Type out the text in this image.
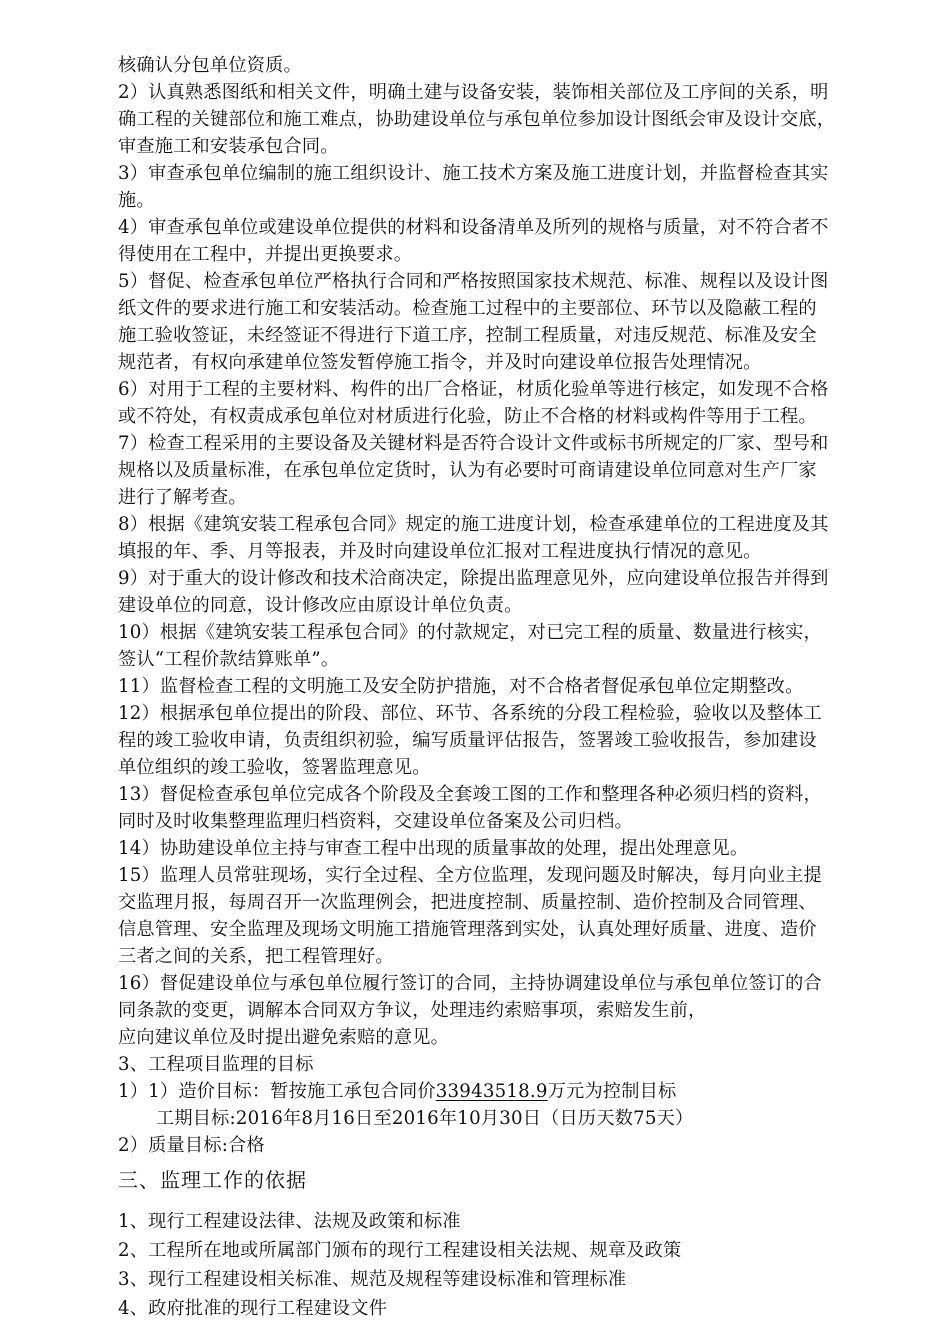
核确认分包单位资质。

2）认真熟悉图纸和相关文件，明确土建与设备安装，装饰相关部位及工序间的关系，明
确工程的关键部位和施工难点，协助建设单位与承包单位参加设计图纸会审及设计交底，
审查施工和安装承包合同。

3）审查承包单位编制的施工组织设计、施工技术方案及施工进度计划，并监督检查其实
施。

4）审查承包单位或建设单位提供的材料和设备清单及所列的规格与质量，对不符合者不
得使用在工程中，并提出更换要求。

5）督促、检查承包单位严格执行合同和严格按照国家技术规范、标准、规程以及设计图
纸文件的要求进行施工和安装活动。检查施工过程中的主要部位、环节以及隐蔽工程的
施工验收签证，未经签证不得进行下道工序，控制工程质量，对违反规范、标准及安全
规范者，有权向承建单位签发暂停施工指令，并及时向建设单位报告处理情况。

6）对用于工程的主要材料、构件的出厂合格证，材质化验单等进行核定，如发现不合格
或不符处，有权责成承包单位对材质进行化验，防止不合格的材料或构件等用于工程。

7）检查工程采用的主要设备及关键材料是否符合设计文件或标书所规定的厂家、型号和
规格以及质量标准，在承包单位定货时，认为有必要时可商请建设单位同意对生产厂家
进行了解考查。

8）根据《建筑安装工程承包合同》规定的施工进度计划，检查承建单位的工程进度及其
填报的年、季、月等报表，并及时向建设单位汇报对工程进度执行情况的意见。

9）对于重大的设计修改和技术洽商决定，除提出监理意见外，应向建设单位报告并得到
建设单位的同意，设计修改应由原设计单位负责。

10）根据《建筑安装工程承包合同》的付款规定，对已完工程的质量、数量进行核实，
签认“工程价款结算账单”。

11）监督检查工程的文明施工及安全防护措施，对不合格者督促承包单位定期整改。

12）根据承包单位提出的阶段、部位、环节、各系统的分段工程检验，验收以及整体工
程的竣工验收申请，负责组织初验，编写质量评估报告，签署竣工验收报告，参加建设
单位组织的竣工验收，签署监理意见。

13）督促检查承包单位完成各个阶段及全套竣工图的工作和整理各种必须归档的资料，
同时及时收集整理监理归档资料，交建设单位备案及公司归档。

14）协助建设单位主持与审查工程中出现的质量事故的处理，提出处理意见。

15）监理人员常驻现场，实行全过程、全方位监理，发现问题及时解决，每月向业主提
交监理月报，每周召开一次监理例会，把进度控制、质量控制、造价控制及合同管理、
信息管理、安全监理及现场文明施工措施管理落到实处，认真处理好质量、进度、造价
三者之间的关系，把工程管理好。

16）督促建设单位与承包单位履行签订的合同，主持协调建设单位与承包单位签订的合
同条款的变更，调解本合同双方争议，处理违约索赔事项，索赔发生前，
应向建议单位及时提出避免索赔的意见。

3、工程项目监理的目标
1）1）造价目标：暂按施工承包合同价33943518.9万元为控制目标
工期目标:2016年8月16日至2016年10月30日（日历天数75天）
2）质量目标:合格
三、监理工作的依据
1、现行工程建设法律、法规及政策和标准
2、工程所在地或所属部门颁布的现行工程建设相关法规、规章及政策
3、现行工程建设相关标准、规范及规程等建设标准和管理标准
4、政府批准的现行工程建设文件
